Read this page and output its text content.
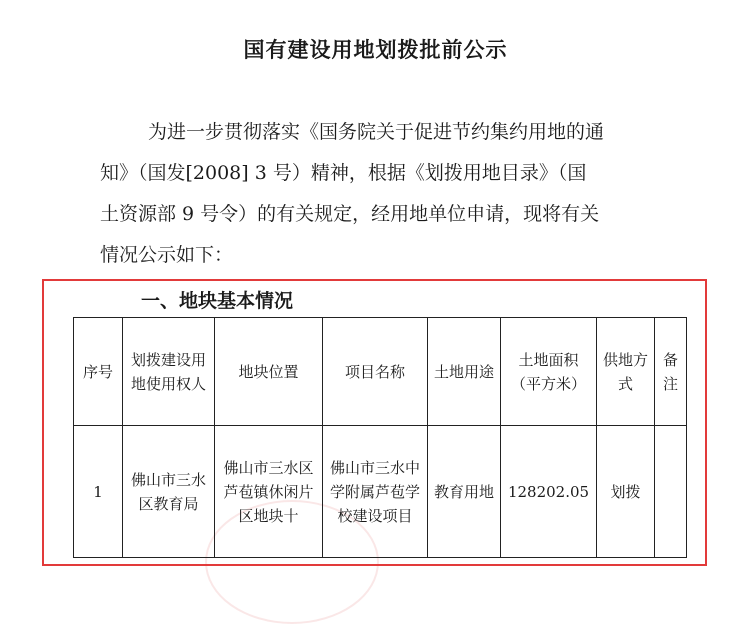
国有建设用地划拨批前公示
为进一步贯彻落实《国务院关于促进节约集约用地的通
知》（国发[2008] 3 号）精神，根据《划拨用地目录》（国
土资源部 9 号令）的有关规定，经用地单位申请，现将有关
情况公示如下：
一、地块基本情况
序号	划拨建设用地使用权人	地块位置	项目名称	土地用途	土地面积（平方米）	供地方式	备注
1	佛山市三水区教育局	佛山市三水区芦苞镇休闲片区地块十	佛山市三水中学附属芦苞学校建设项目	教育用地	128202.05	划拨	
